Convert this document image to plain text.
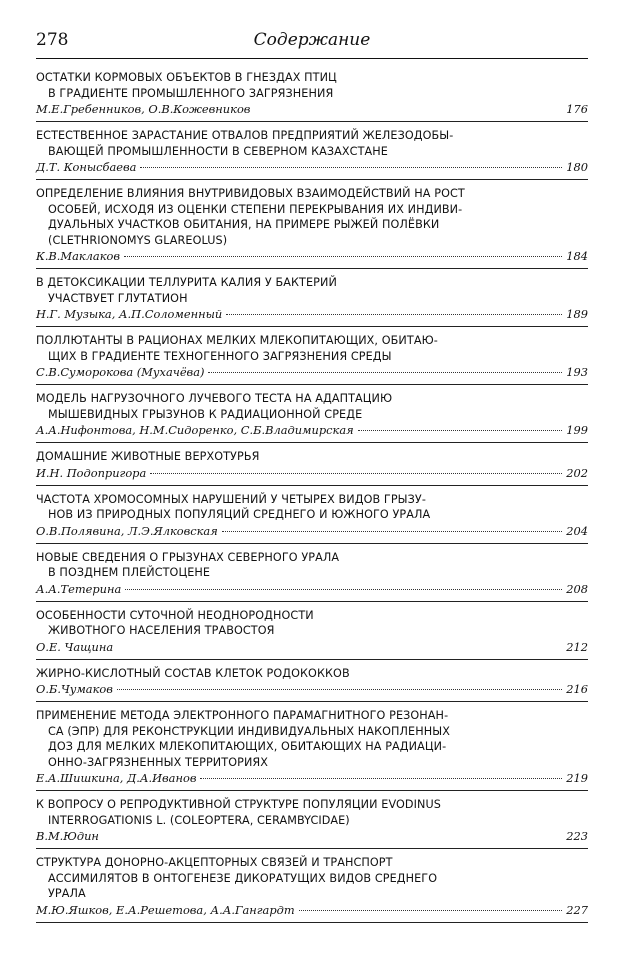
278	Содержание
ОСТАТКИ КОРМОВЫХ ОБЪЕКТОВ В ГНЕЗДАХ ПТИЦ
В ГРАДИЕНТЕ ПРОМЫШЛЕННОГО ЗАГРЯЗНЕНИЯ
М.Е.Гребенников, О.В.Кожевников	176
ЕСТЕСТВЕННОЕ ЗАРАСТАНИЕ ОТВАЛОВ ПРЕДПРИЯТИЙ ЖЕЛЕЗОДОБЫ-
ВАЮЩЕЙ ПРОМЫШЛЕННОСТИ В СЕВЕРНОМ КАЗАХСТАНЕ
Д.Т. Конысбаева	180
ОПРЕДЕЛЕНИЕ ВЛИЯНИЯ ВНУТРИВИДОВЫХ ВЗАИМОДЕЙСТВИЙ НА РОСТ
ОСОБЕЙ, ИСХОДЯ ИЗ ОЦЕНКИ СТЕПЕНИ ПЕРЕКРЫВАНИЯ ИХ ИНДИВИ-
ДУАЛЬНЫХ УЧАСТКОВ ОБИТАНИЯ, НА ПРИМЕРЕ РЫЖЕЙ ПОЛЁВКИ
(CLETHRIONOMYS GLAREOLUS)
К.В.Маклаков	184
В ДЕТОКСИКАЦИИ ТЕЛЛУРИТА КАЛИЯ У БАКТЕРИЙ
УЧАСТВУЕТ ГЛУТАТИОН
Н.Г. Музыка, А.П.Соломенный	189
ПОЛЛЮТАНТЫ В РАЦИОНАХ МЕЛКИХ МЛЕКОПИТАЮЩИХ, ОБИТАЮ-
ЩИХ В ГРАДИЕНТЕ ТЕХНОГЕННОГО ЗАГРЯЗНЕНИЯ СРЕДЫ
С.В.Суморокова (Мухачёва)	193
МОДЕЛЬ НАГРУЗОЧНОГО ЛУЧЕВОГО ТЕСТА НА АДАПТАЦИЮ
МЫШЕВИДНЫХ ГРЫЗУНОВ К РАДИАЦИОННОЙ СРЕДЕ
А.А.Нифонтова, Н.М.Сидоренко, С.Б.Владимирская	199
ДОМАШНИЕ ЖИВОТНЫЕ ВЕРХОТУРЬЯ
И.Н. Подопригора	202
ЧАСТОТА ХРОМОСОМНЫХ НАРУШЕНИЙ У ЧЕТЫРЕХ ВИДОВ ГРЫЗУ-
НОВ ИЗ ПРИРОДНЫХ ПОПУЛЯЦИЙ СРЕДНЕГО И ЮЖНОГО УРАЛА
О.В.Полявина, Л.Э.Ялковская	204
НОВЫЕ СВЕДЕНИЯ О ГРЫЗУНАХ СЕВЕРНОГО УРАЛА
В ПОЗДНЕМ ПЛЕЙСТОЦЕНЕ
А.А.Тетерина	208
ОСОБЕННОСТИ СУТОЧНОЙ НЕОДНОРОДНОСТИ
ЖИВОТНОГО НАСЕЛЕНИЯ ТРАВОСТОЯ
О.Е. Чащина	212
ЖИРНО-КИСЛОТНЫЙ СОСТАВ КЛЕТОК РОДОКОККОВ
О.Б.Чумаков	216
ПРИМЕНЕНИЕ МЕТОДА ЭЛЕКТРОННОГО ПАРАМАГНИТНОГО РЕЗОНАН-
СА (ЭПР) ДЛЯ РЕКОНСТРУКЦИИ ИНДИВИДУАЛЬНЫХ НАКОПЛЕННЫХ
ДОЗ ДЛЯ МЕЛКИХ МЛЕКОПИТАЮЩИХ, ОБИТАЮЩИХ НА РАДИАЦИ-
ОННО-ЗАГРЯЗНЕННЫХ ТЕРРИТОРИЯХ
Е.А.Шишкина, Д.А.Иванов	219
К ВОПРОСУ О РЕПРОДУКТИВНОЙ СТРУКТУРЕ ПОПУЛЯЦИИ EVODINUS
INTERROGATIONIS L. (COLEOPTERA, CERAMBYCIDAE)
В.М.Юдин	223
СТРУКТУРА ДОНОРНО-АКЦЕПТОРНЫХ СВЯЗЕЙ И ТРАНСПОРТ
АССИМИЛЯТОВ В ОНТОГЕНЕЗЕ ДИКОРАТУЩИХ ВИДОВ СРЕДНЕГО
УРАЛА
М.Ю.Яшков, Е.А.Решетова, А.А.Гангардт	227
